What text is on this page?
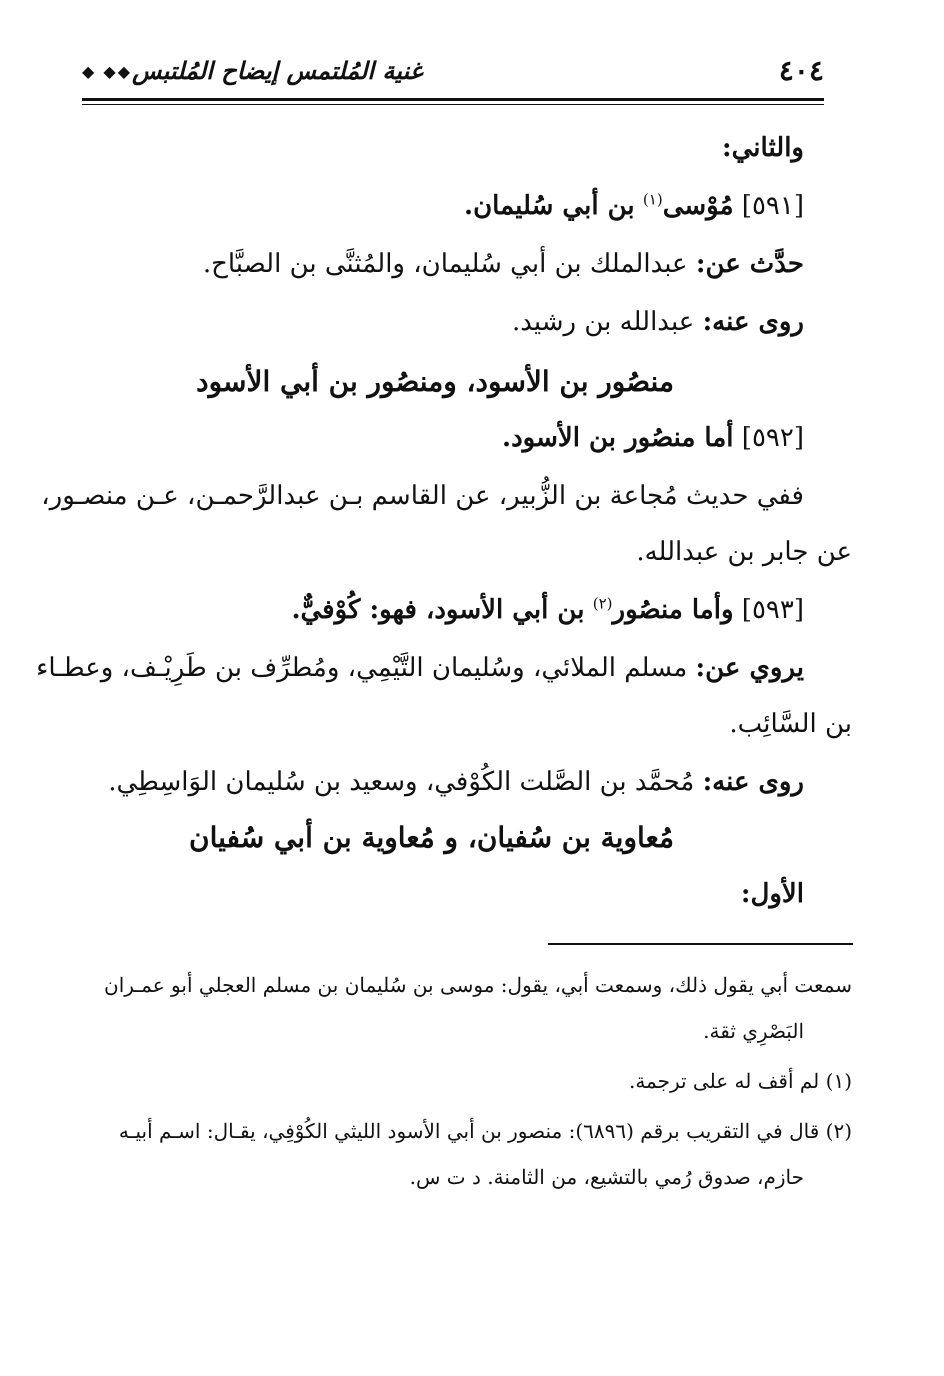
٤٠٤
غنية المُلتمس إيضاح المُلتبس
◆◆ ◆
والثاني:
[٥٩١] مُوْسى$^{(١)}$ بن أبي سُليمان.
حدَّث عن: عبدالملك بن أبي سُليمان، والمُثنَّى بن الصبَّاح.
روى عنه: عبدالله بن رشيد.
منصُور بن الأسود، ومنصُور بن أبي الأسود
[٥٩٢] أما منصُور بن الأسود.
ففي حديث مُجاعة بن الزُّبير، عن القاسم بـن عبدالرَّحمـن، عـن منصـور،
عن جابر بن عبدالله.
[٥٩٣] وأما منصُور$^{(٢)}$ بن أبي الأسود، فهو: كُوْفيٌّ.
يروي عن: مسلم الملائي، وسُليمان التَّيْمِي، ومُطرِّف بن طَرِيْـف، وعطـاء
بن السَّائِب.
روى عنه: مُحمَّد بن الصَّلت الكُوْفي، وسعيد بن سُليمان الوَاسِطِي.
مُعاوية بن سُفيان، و مُعاوية بن أبي سُفيان
الأول:
سمعت أبي يقول ذلك، وسمعت أبي، يقول: موسى بن سُليمان بن مسلم العجلي أبو عمـران
البَصْرِي ثقة.
(١) لم أقف له على ترجمة.
(٢) قال في التقريب برقم (٦٨٩٦): منصور بن أبي الأسود الليثي الكُوْفِي، يقـال: اسـم أبيـه
حازم، صدوق رُمي بالتشيع، من الثامنة. د ت س.
